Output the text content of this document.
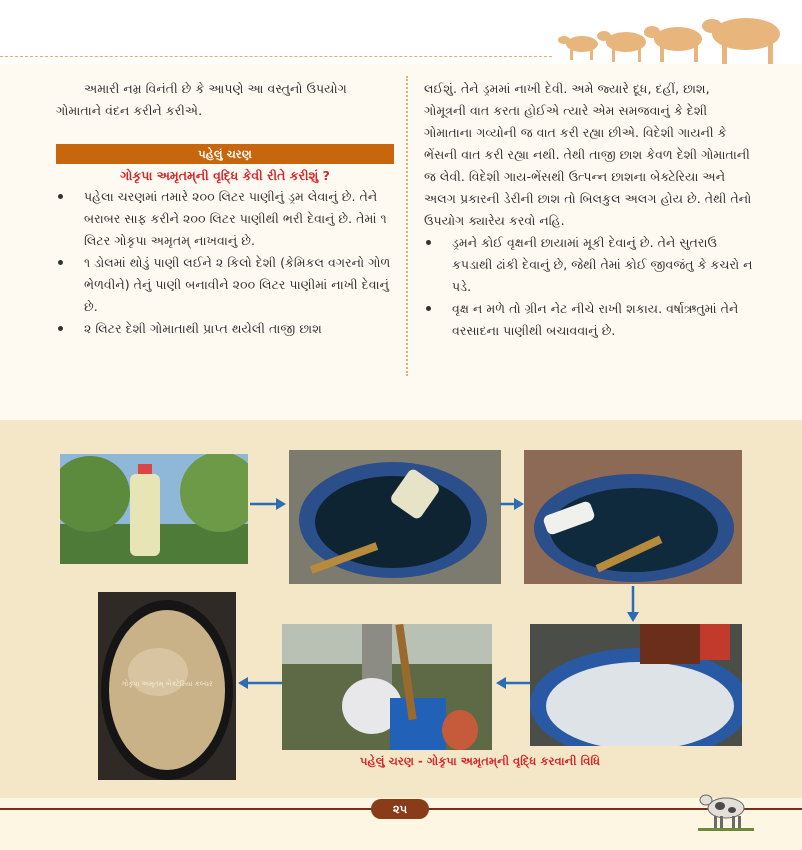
અમારી નમ્ર વિનંતી છે કે આપણે આ વસ્તુનો ઉપયોગ ગોમાતાને વંદન કરીને કરીએ.

પહેલું ચરણ
ગોકૃપા અમૃતમ્‌ની વૃદ્ધિ કેવી રીતે કરીશું ?
પહેલા ચરણમાં તમારે ૨૦૦ લિટર પાણીનું ડ્રમ લેવાનું છે. તેને બરાબર સાફ કરીને ૨૦૦ લિટર પાણીથી ભરી દેવાનું છે. તેમાં ૧ લિટર ગોકૃપા અમૃતમ્ નાખવાનું છે.
૧ ડોલમાં થોડું પાણી લઈને ૨ કિલો દેશી (કેમિકલ વગરનો ગોળ ભેળવીને) તેનું પાણી બનાવીને ૨૦૦ લિટર પાણીમાં નાખી દેવાનું છે.
૨ લિટર દેશી ગોમાતાથી પ્રાપ્ત થયેલી તાજી છાશ

લઈશું. તેને ડ્રમમાં નાખી દેવી. અમે જ્યારે દૂધ, દહીં, છાશ, ગોમૂત્રની વાત કરતા હોઈએ ત્યારે એમ સમજવાનું કે દેશી ગોમાતાના ગવ્યોની જ વાત કરી રહ્યા છીએ. વિદેશી ગાયની કે ભેંસની વાત કરી રહ્યા નથી. તેથી તાજી છાશ કેવળ દેશી ગોમાતાની જ લેવી. વિદેશી ગાય-ભેંસથી ઉત્પન્ન છાશના બેક્ટેરિયા અને અલગ પ્રકારની ડેરીની છાશ તો બિલકુલ અલગ હોય છે. તેથી તેનો ઉપયોગ ક્યારેય કરવો નહિ.

ડ્રમને કોઈ વૃક્ષની છાયામાં મૂકી દેવાનું છે. તેને સુતરાઉ કપડાથી ઢાંકી દેવાનું છે, જેથી તેમાં કોઈ જીવજંતુ કે કચરો ન પડે.
વૃક્ષ ન મળે તો ગ્રીન નેટ નીચે રાખી શકાય. વર્ષાઋતુમાં તેને વરસાદના પાણીથી બચાવવાનું છે.
ગોકૃપા અમૃતમ્ બેક્ટેરિયા કલ્ચર
પહેલું ચરણ - ગોકૃપા અમૃતમ્‌ની વૃદ્ધિ કરવાની વિધિ
૨૫
